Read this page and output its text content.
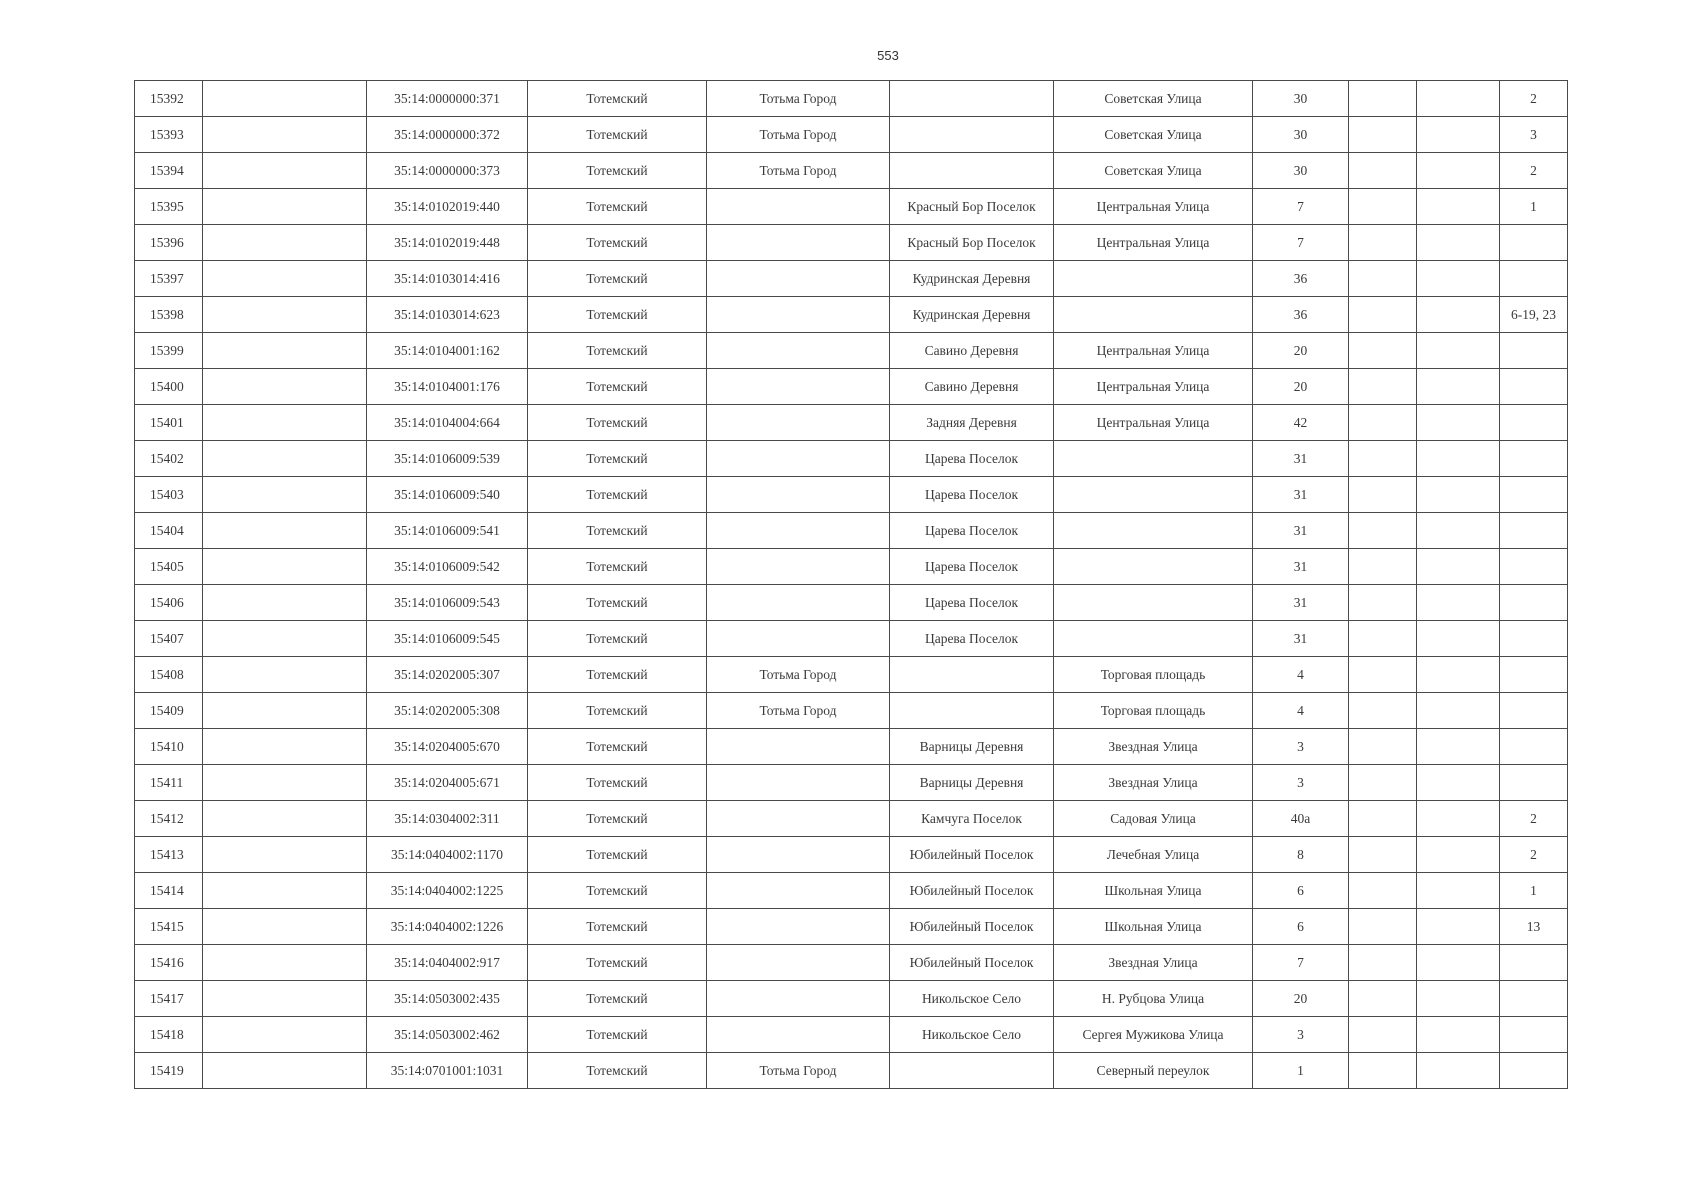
553
15392		35:14:0000000:371	Тотемский	Тотьма Город		Советская Улица	30			2
15393		35:14:0000000:372	Тотемский	Тотьма Город		Советская Улица	30			3
15394		35:14:0000000:373	Тотемский	Тотьма Город		Советская Улица	30			2
15395		35:14:0102019:440	Тотемский		Красный Бор Поселок	Центральная Улица	7			1
15396		35:14:0102019:448	Тотемский		Красный Бор Поселок	Центральная Улица	7			
15397		35:14:0103014:416	Тотемский		Кудринская Деревня		36			
15398		35:14:0103014:623	Тотемский		Кудринская Деревня		36			6-19, 23
15399		35:14:0104001:162	Тотемский		Савино Деревня	Центральная Улица	20			
15400		35:14:0104001:176	Тотемский		Савино Деревня	Центральная Улица	20			
15401		35:14:0104004:664	Тотемский		Задняя Деревня	Центральная Улица	42			
15402		35:14:0106009:539	Тотемский		Царева Поселок		31			
15403		35:14:0106009:540	Тотемский		Царева Поселок		31			
15404		35:14:0106009:541	Тотемский		Царева Поселок		31			
15405		35:14:0106009:542	Тотемский		Царева Поселок		31			
15406		35:14:0106009:543	Тотемский		Царева Поселок		31			
15407		35:14:0106009:545	Тотемский		Царева Поселок		31			
15408		35:14:0202005:307	Тотемский	Тотьма Город		Торговая площадь	4			
15409		35:14:0202005:308	Тотемский	Тотьма Город		Торговая площадь	4			
15410		35:14:0204005:670	Тотемский		Варницы Деревня	Звездная Улица	3			
15411		35:14:0204005:671	Тотемский		Варницы Деревня	Звездная Улица	3			
15412		35:14:0304002:311	Тотемский		Камчуга Поселок	Садовая Улица	40а			2
15413		35:14:0404002:1170	Тотемский		Юбилейный Поселок	Лечебная Улица	8			2
15414		35:14:0404002:1225	Тотемский		Юбилейный Поселок	Школьная Улица	6			1
15415		35:14:0404002:1226	Тотемский		Юбилейный Поселок	Школьная Улица	6			13
15416		35:14:0404002:917	Тотемский		Юбилейный Поселок	Звездная Улица	7			
15417		35:14:0503002:435	Тотемский		Никольское Село	Н. Рубцова Улица	20			
15418		35:14:0503002:462	Тотемский		Никольское Село	Сергея Мужикова Улица	3			
15419		35:14:0701001:1031	Тотемский	Тотьма Город		Северный переулок	1			
